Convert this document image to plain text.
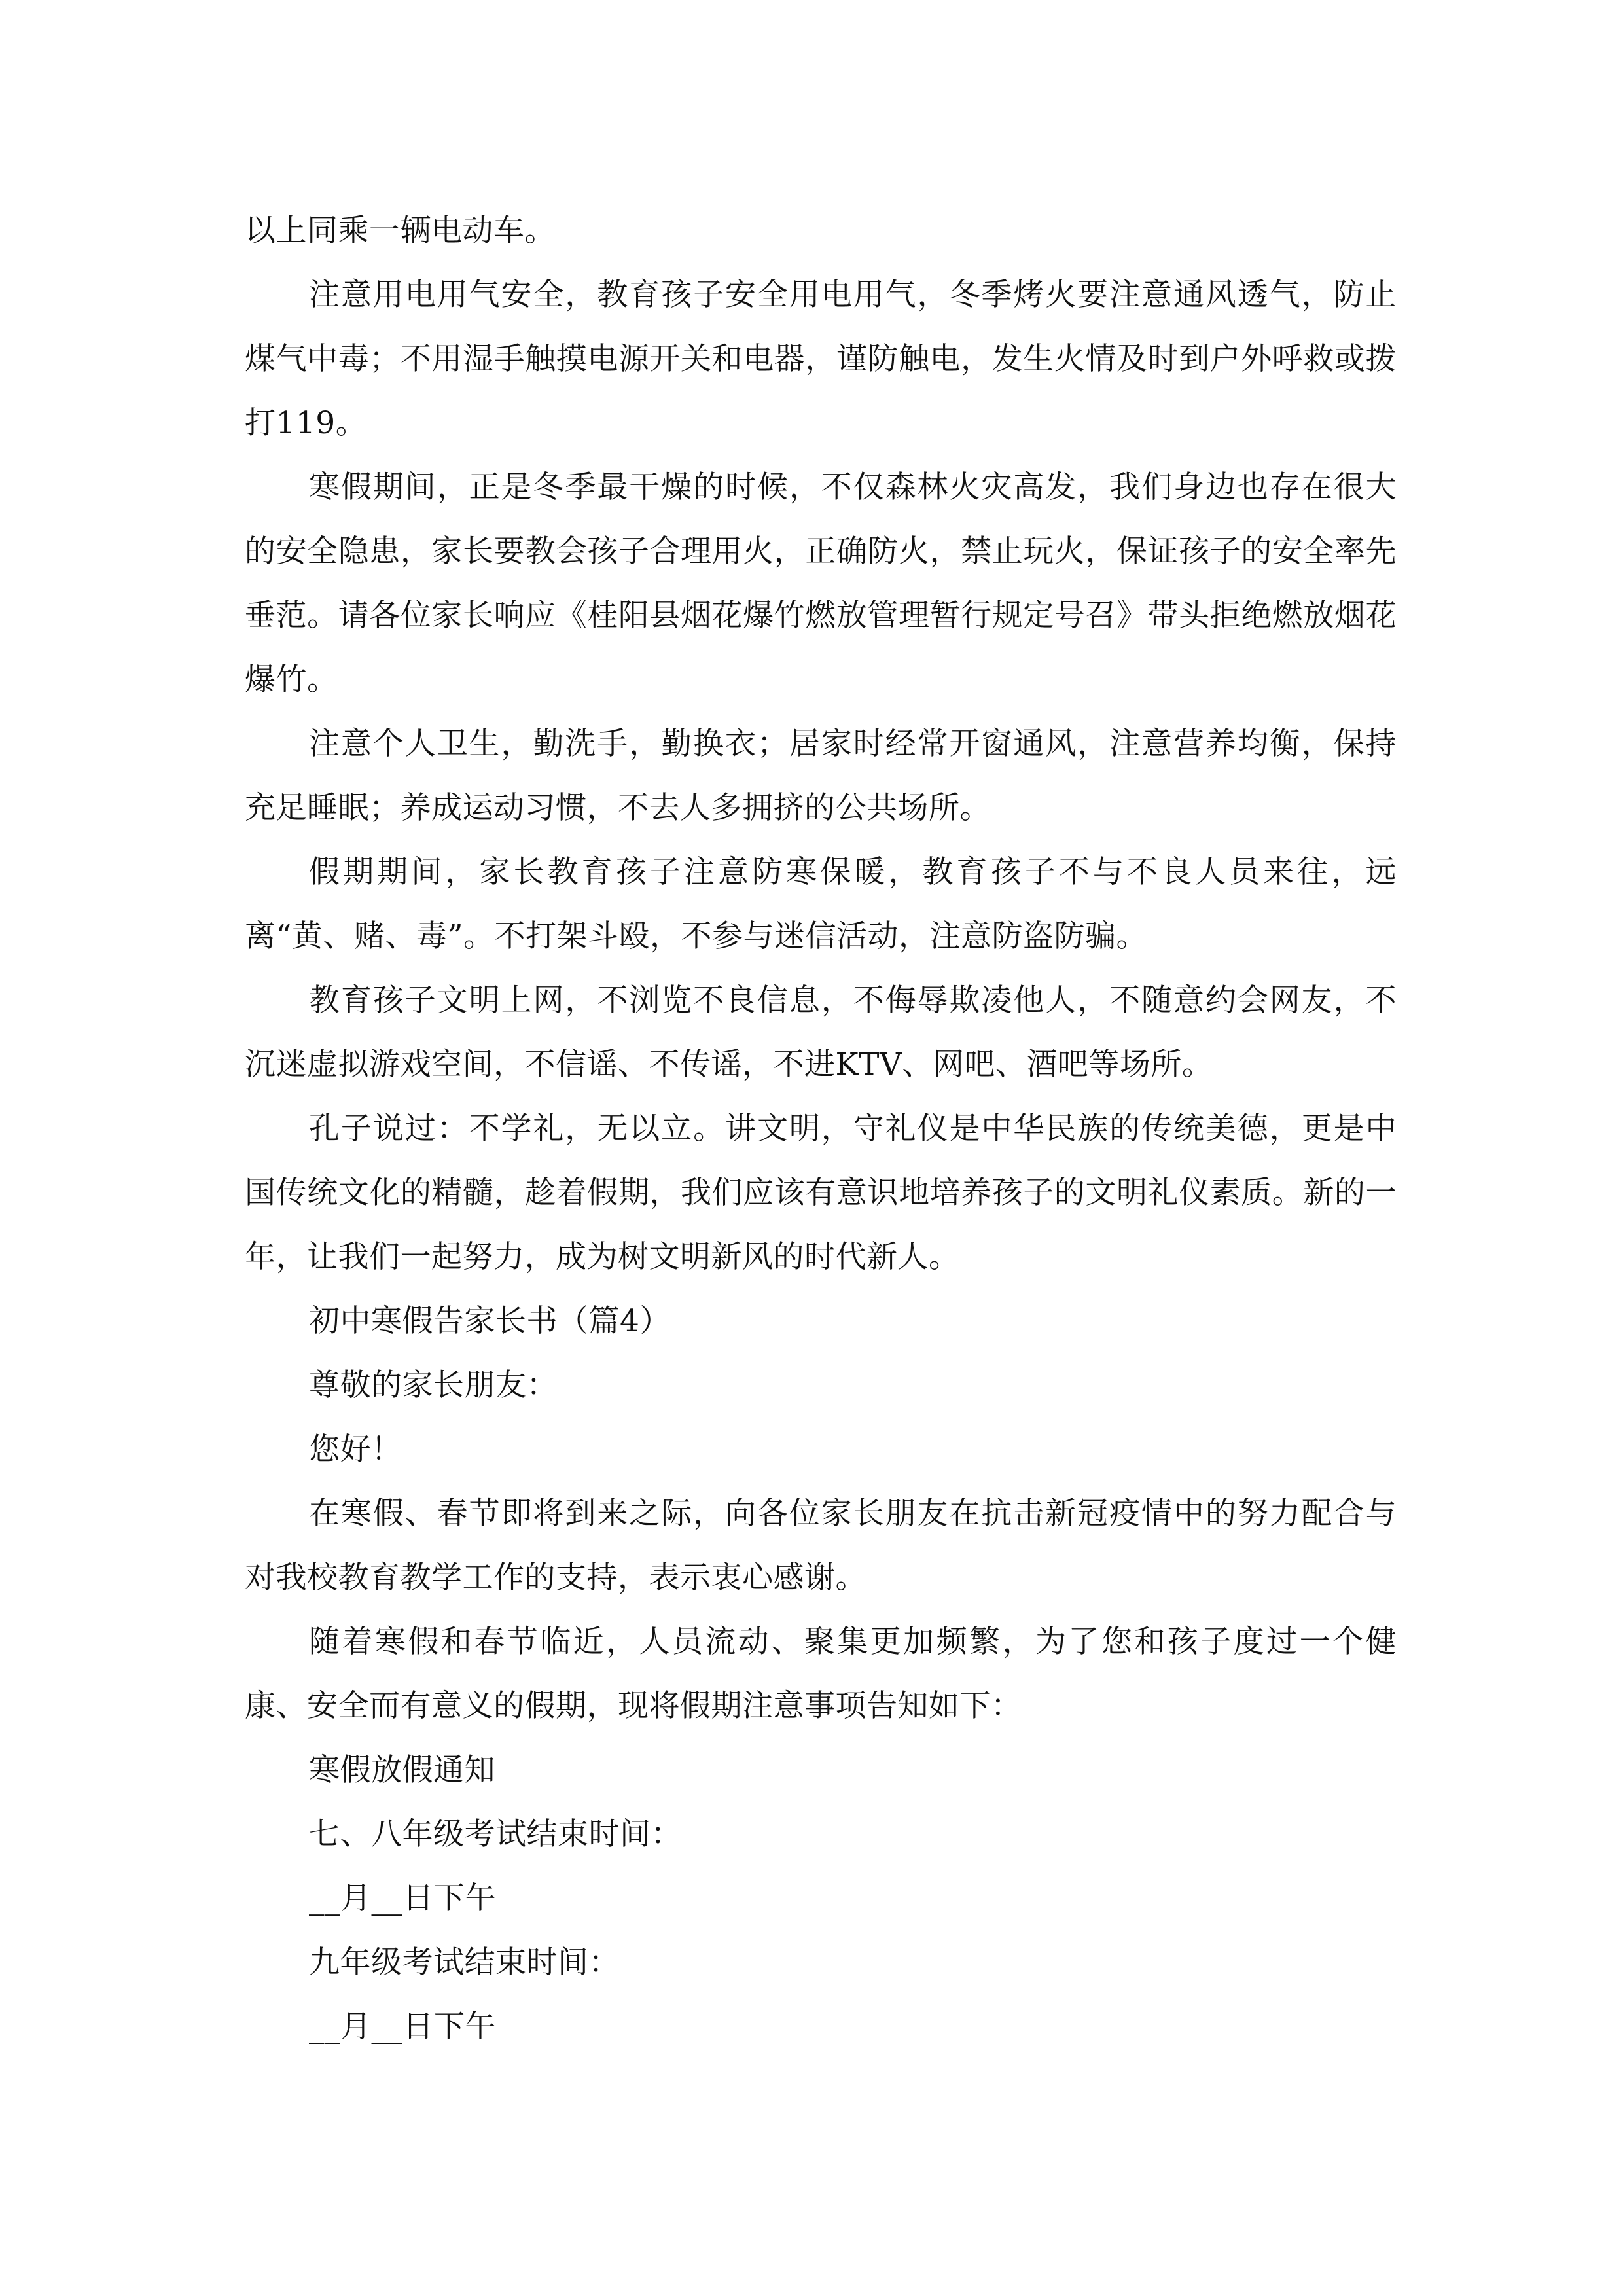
以上同乘一辆电动车。

注意用电用气安全，教育孩子安全用电用气，冬季烤火要注意通风透气，防止煤气中毒；不用湿手触摸电源开关和电器，谨防触电，发生火情及时到户外呼救或拨打119。

寒假期间，正是冬季最干燥的时候，不仅森林火灾高发，我们身边也存在很大的安全隐患，家长要教会孩子合理用火，正确防火，禁止玩火，保证孩子的安全率先垂范。请各位家长响应《桂阳县烟花爆竹燃放管理暂行规定号召》带头拒绝燃放烟花爆竹。

注意个人卫生，勤洗手，勤换衣；居家时经常开窗通风，注意营养均衡，保持充足睡眠；养成运动习惯，不去人多拥挤的公共场所。

假期期间，家长教育孩子注意防寒保暖，教育孩子不与不良人员来往，远离“黄、赌、毒”。不打架斗殴，不参与迷信活动，注意防盗防骗。

教育孩子文明上网，不浏览不良信息，不侮辱欺凌他人，不随意约会网友，不沉迷虚拟游戏空间，不信谣、不传谣，不进KTV、网吧、酒吧等场所。

孔子说过：不学礼，无以立。讲文明，守礼仪是中华民族的传统美德，更是中国传统文化的精髓，趁着假期，我们应该有意识地培养孩子的文明礼仪素质。新的一年，让我们一起努力，成为树文明新风的时代新人。

初中寒假告家长书（篇4）

尊敬的家长朋友：

您好！

在寒假、春节即将到来之际，向各位家长朋友在抗击新冠疫情中的努力配合与对我校教育教学工作的支持，表示衷心感谢。

随着寒假和春节临近，人员流动、聚集更加频繁，为了您和孩子度过一个健康、安全而有意义的假期，现将假期注意事项告知如下：

寒假放假通知

七、八年级考试结束时间：

__月__日下午

九年级考试结束时间：

__月__日下午
